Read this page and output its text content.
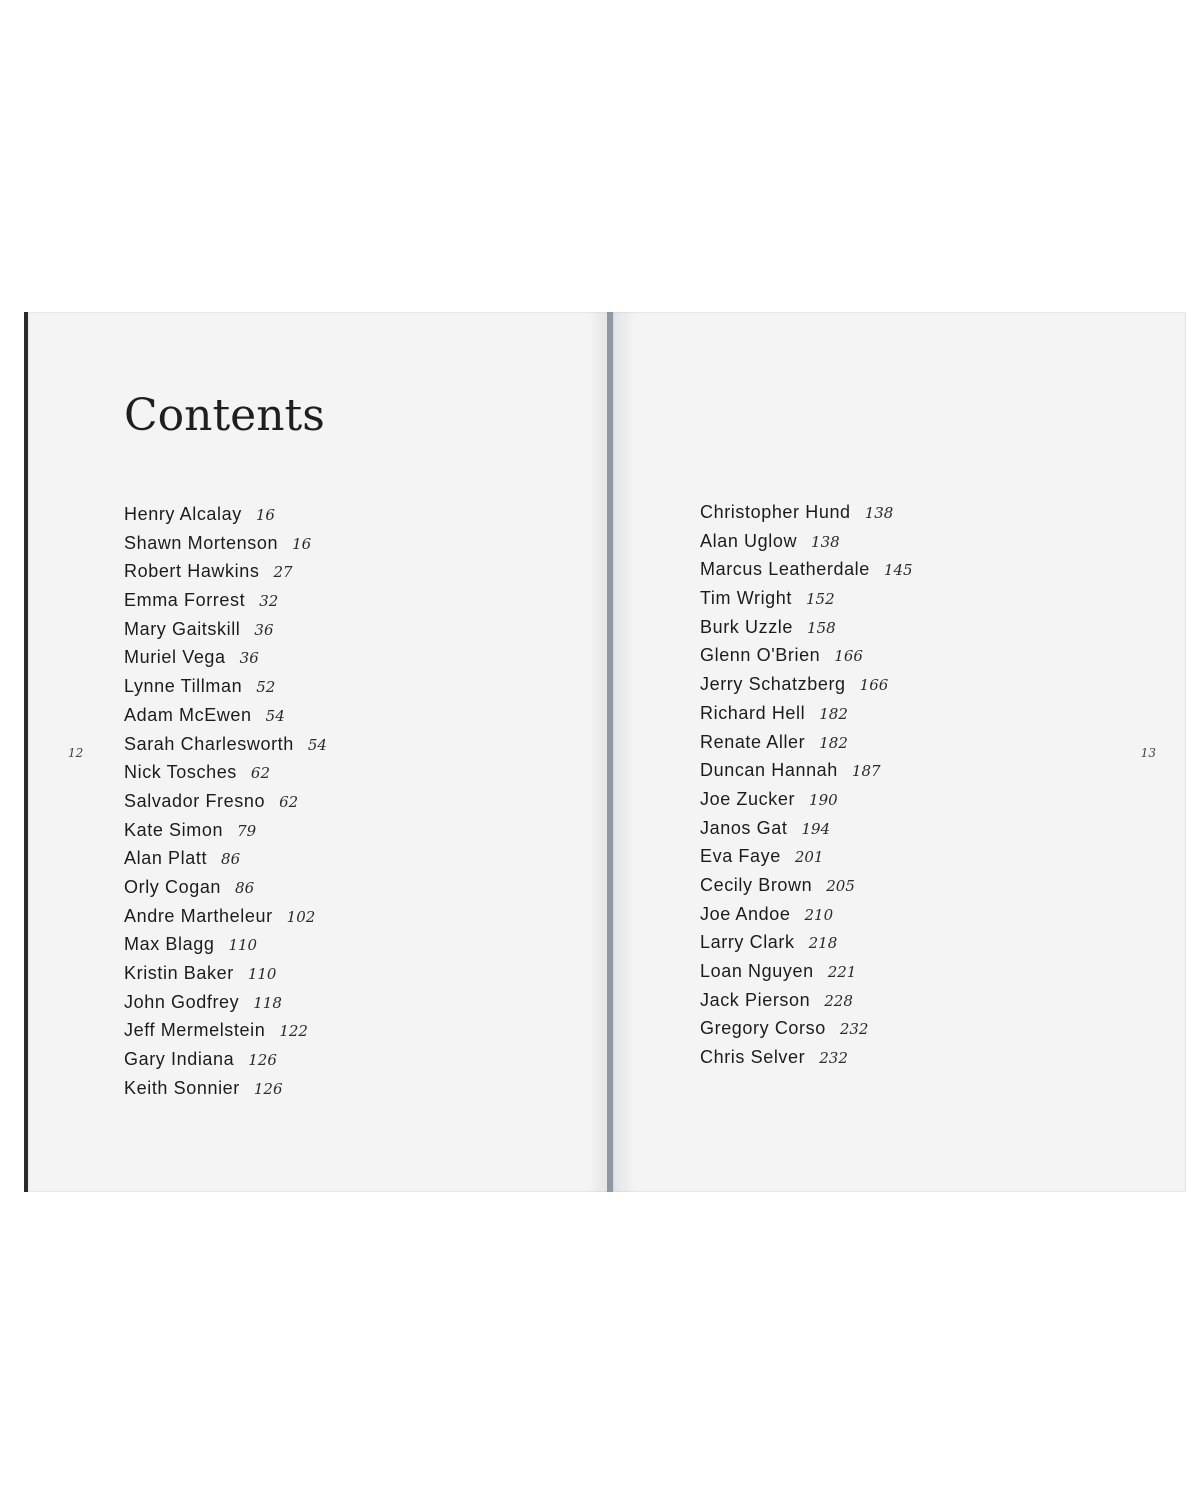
Contents
Henry Alcalay 16
Shawn Mortenson 16
Robert Hawkins 27
Emma Forrest 32
Mary Gaitskill 36
Muriel Vega 36
Lynne Tillman 52
Adam McEwen 54
Sarah Charlesworth 54
Nick Tosches 62
Salvador Fresno 62
Kate Simon 79
Alan Platt 86
Orly Cogan 86
Andre Martheleur 102
Max Blagg 110
Kristin Baker 110
John Godfrey 118
Jeff Mermelstein 122
Gary Indiana 126
Keith Sonnier 126
12
Christopher Hund 138
Alan Uglow 138
Marcus Leatherdale 145
Tim Wright 152
Burk Uzzle 158
Glenn O'Brien 166
Jerry Schatzberg 166
Richard Hell 182
Renate Aller 182
Duncan Hannah 187
Joe Zucker 190
Janos Gat 194
Eva Faye 201
Cecily Brown 205
Joe Andoe 210
Larry Clark 218
Loan Nguyen 221
Jack Pierson 228
Gregory Corso 232
Chris Selver 232
13
